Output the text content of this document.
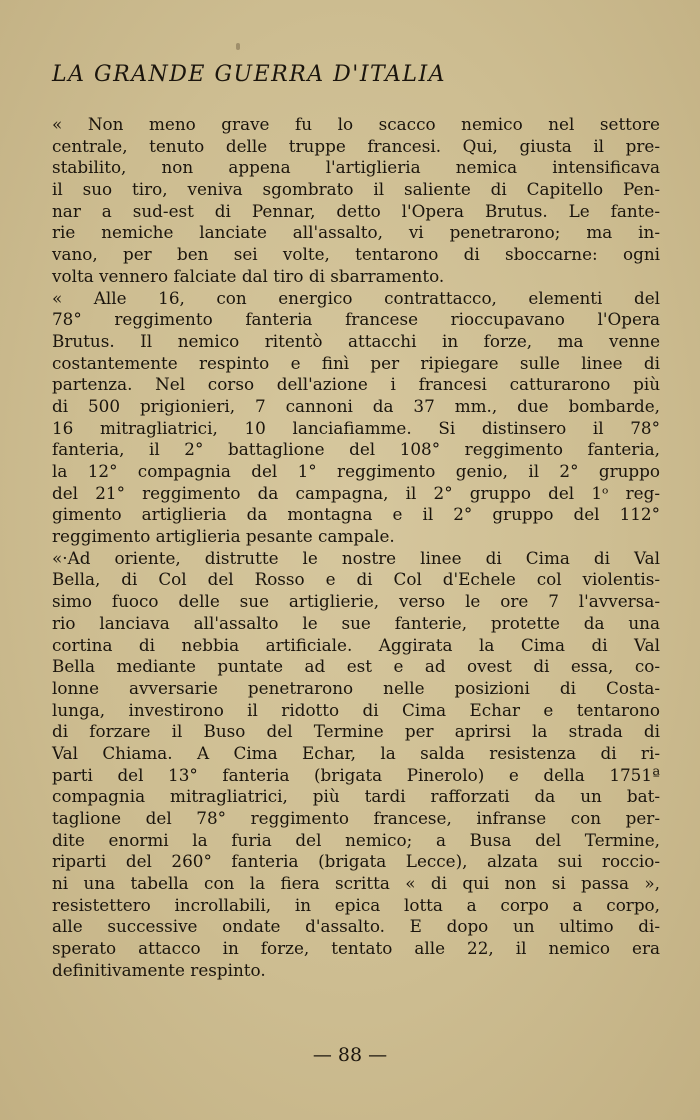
LA GRANDE GUERRA D'ITALIA
« Non meno grave fu lo scacco nemico nel settore
centrale, tenuto delle truppe francesi. Qui, giusta il pre-
stabilito, non appena l'artiglieria nemica intensificava
il suo tiro, veniva sgombrato il saliente di Capitello Pen-
nar a sud-est di Pennar, detto l'Opera Brutus. Le fante-
rie nemiche lanciate all'assalto, vi penetrarono; ma in-
vano, per ben sei volte, tentarono di sboccarne: ogni
volta vennero falciate dal tiro di sbarramento.
« Alle 16, con energico contrattacco, elementi del
78° reggimento fanteria francese rioccupavano l'Opera
Brutus. Il nemico ritentò attacchi in forze, ma venne
costantemente respinto e finì per ripiegare sulle linee di
partenza. Nel corso dell'azione i francesi catturarono più
di 500 prigionieri, 7 cannoni da 37 mm., due bombarde,
16 mitragliatrici, 10 lanciafiamme. Si distinsero il 78°
fanteria, il 2° battaglione del 108° reggimento fanteria,
la 12° compagnia del 1° reggimento genio, il 2° gruppo
del 21° reggimento da campagna, il 2° gruppo del 1ᵒ reg-
gimento artiglieria da montagna e il 2° gruppo del 112°
reggimento artiglieria pesante campale.
«·Ad oriente, distrutte le nostre linee di Cima di Val
Bella, di Col del Rosso e di Col d'Echele col violentis-
simo fuoco delle sue artiglierie, verso le ore 7 l'avversa-
rio lanciava all'assalto le sue fanterie, protette da una
cortina di nebbia artificiale. Aggirata la Cima di Val
Bella mediante puntate ad est e ad ovest di essa, co-
lonne avversarie penetrarono nelle posizioni di Costa-
lunga, investirono il ridotto di Cima Echar e tentarono
di forzare il Buso del Termine per aprirsi la strada di
Val Chiama. A Cima Echar, la salda resistenza di ri-
parti del 13° fanteria (brigata Pinerolo) e della 1751ª
compagnia mitragliatrici, più tardi rafforzati da un bat-
taglione del 78° reggimento francese, infranse con per-
dite enormi la furia del nemico; a Busa del Termine,
riparti del 260° fanteria (brigata Lecce), alzata sui roccio-
ni una tabella con la fiera scritta « di qui non si passa »,
resistettero incrollabili, in epica lotta a corpo a corpo,
alle successive ondate d'assalto. E dopo un ultimo di-
sperato attacco in forze, tentato alle 22, il nemico era
definitivamente respinto.
— 88 —
